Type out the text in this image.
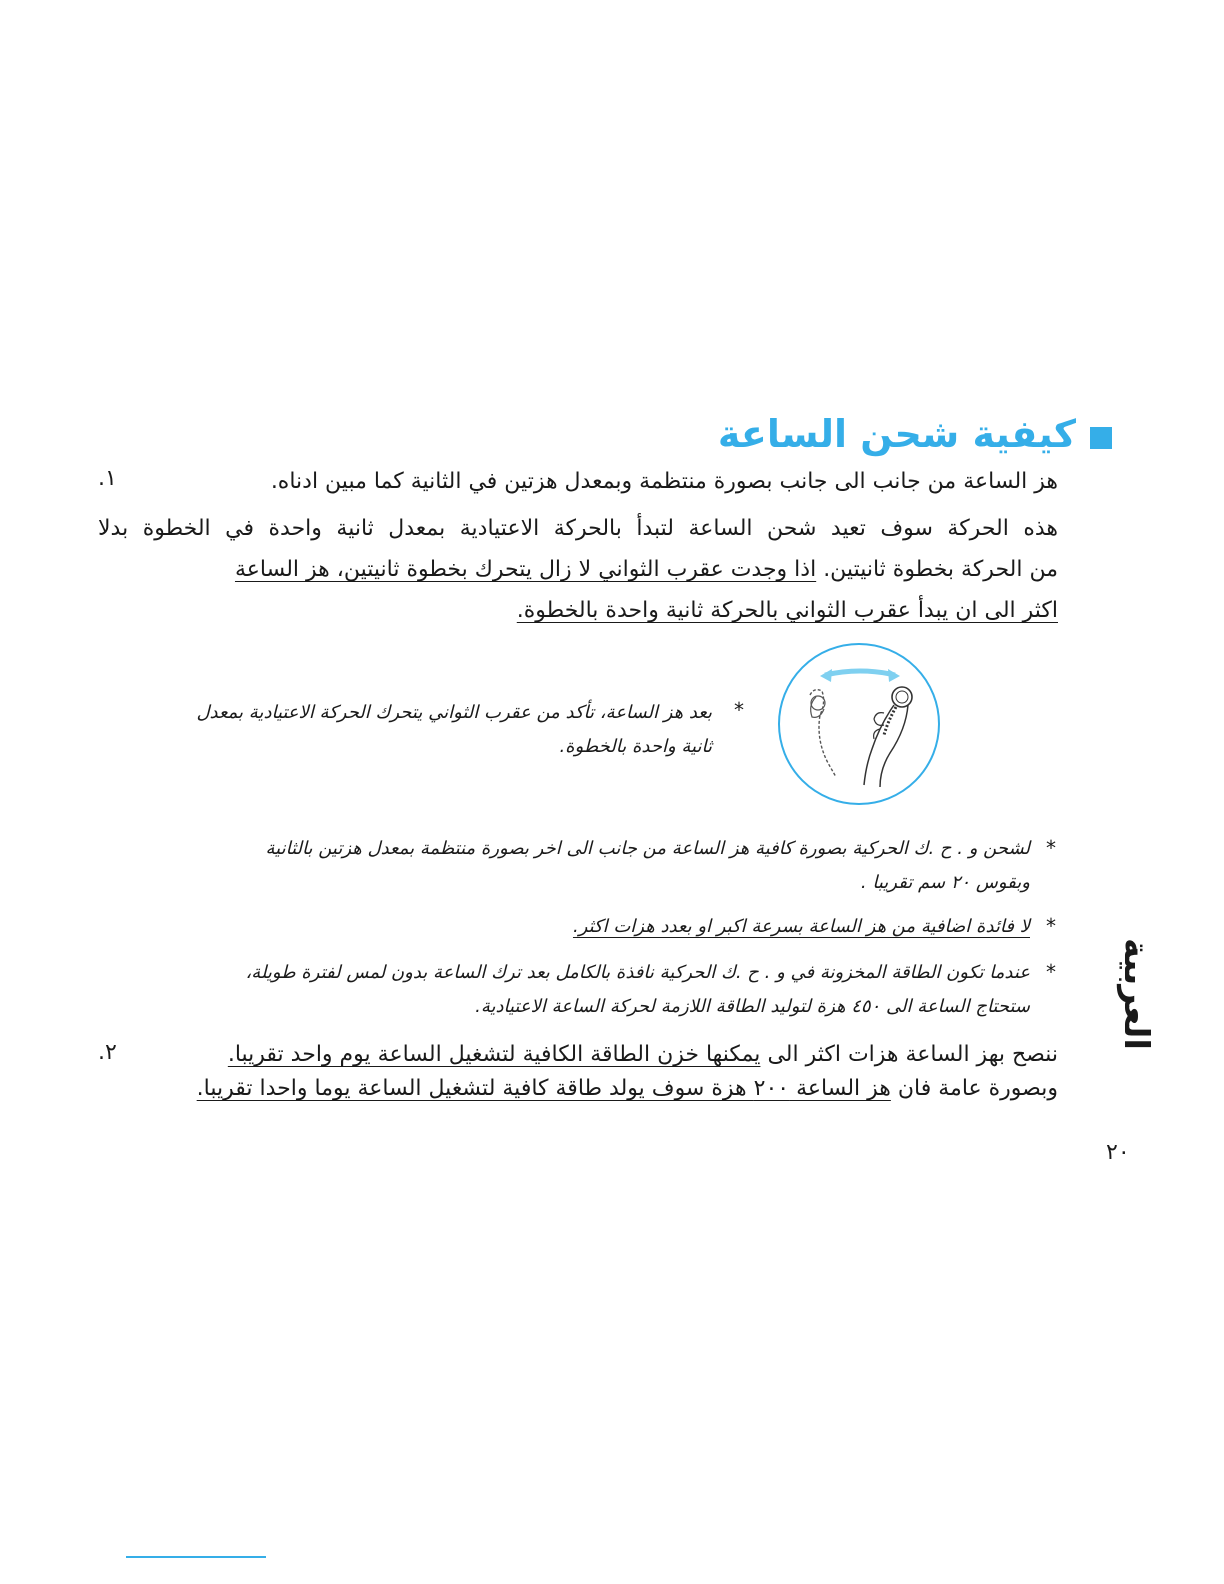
كيفية شحن الساعة
.١	هز الساعة من جانب الى جانب بصورة منتظمة وبمعدل هزتين في الثانية كما مبين ادناه.
هذه الحركة سوف تعيد شحن الساعة لتبدأ بالحركة الاعتيادية بمعدل ثانية واحدة في الخطوة بدلا
من الحركة بخطوة ثانيتين. اذا وجدت عقرب الثواني لا زال يتحرك بخطوة ثانيتين، هز الساعة
اكثر الى ان يبدأ عقرب الثواني بالحركة ثانية واحدة بالخطوة.
*
بعد هز الساعة، تأكد من عقرب الثواني يتحرك الحركة الاعتيادية بمعدل
ثانية واحدة بالخطوة.
*
لشحن و . ح .ك الحركية بصورة كافية هز الساعة من جانب الى اخر بصورة منتظمة بمعدل هزتين بالثانية
وبقوس ٢٠ سم تقريبا .
*
لا فائدة اضافية من هز الساعة بسرعة اكبر او بعدد هزات اكثر.
*
عندما تكون الطاقة المخزونة في و . ح .ك الحركية نافذة بالكامل بعد ترك الساعة بدون لمس لفترة طويلة،
ستحتاج الساعة الى ٤٥٠ هزة لتوليد الطاقة اللازمة لحركة الساعة الاعتيادية.
.٢	ننصح بهز الساعة هزات اكثر الى يمكنها خزن الطاقة الكافية لتشغيل الساعة يوم واحد تقريبا.
وبصورة عامة فان هز الساعة ٢٠٠ هزة سوف يولد طاقة كافية لتشغيل الساعة يوما واحدا تقريبا.
العربية
٢٠
